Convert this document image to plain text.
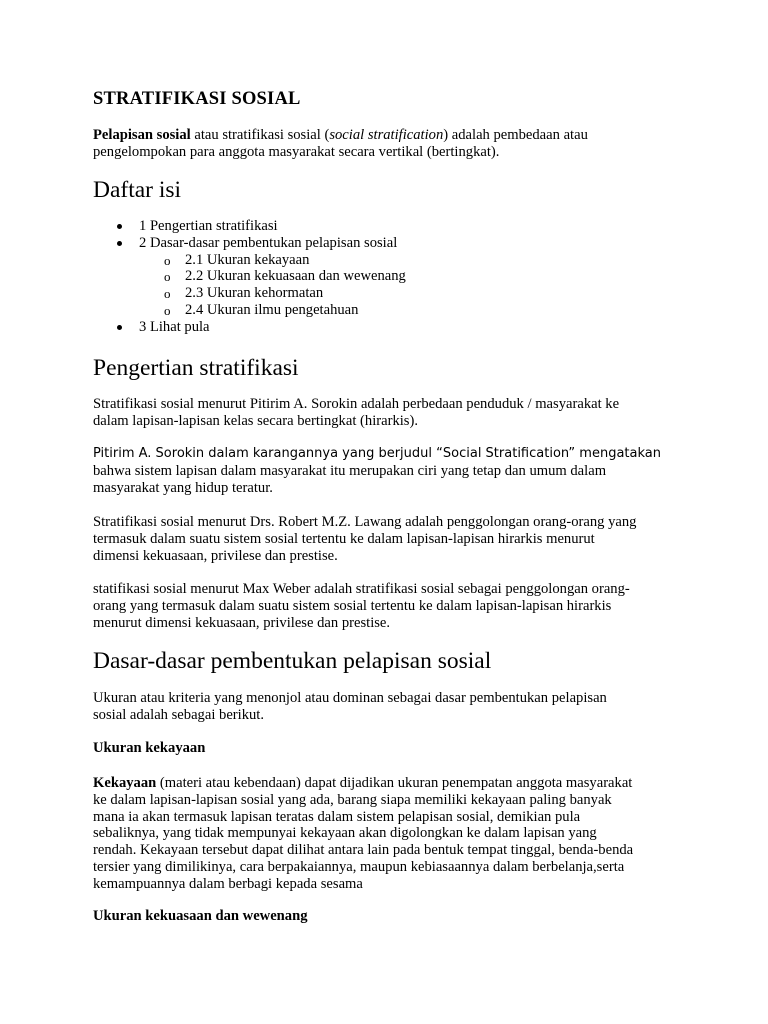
STRATIFIKASI SOSIAL

Pelapisan sosial atau stratifikasi sosial (social stratification) adalah pembedaan atau
pengelompokan para anggota masyarakat secara vertikal (bertingkat).

Daftar isi
1 Pengertian stratifikasi
2 Dasar-dasar pembentukan pelapisan sosial
o 2.1 Ukuran kekayaan
o 2.2 Ukuran kekuasaan dan wewenang
o 2.3 Ukuran kehormatan
o 2.4 Ukuran ilmu pengetahuan
3 Lihat pula
Pengertian stratifikasi

Stratifikasi sosial menurut Pitirim A. Sorokin adalah perbedaan penduduk / masyarakat ke
dalam lapisan-lapisan kelas secara bertingkat (hirarkis).

Pitirim A. Sorokin dalam karangannya yang berjudul “Social Stratification” mengatakan
bahwa sistem lapisan dalam masyarakat itu merupakan ciri yang tetap dan umum dalam
masyarakat yang hidup teratur.

Stratifikasi sosial menurut Drs. Robert M.Z. Lawang adalah penggolongan orang-orang yang
termasuk dalam suatu sistem sosial tertentu ke dalam lapisan-lapisan hirarkis menurut
dimensi kekuasaan, privilese dan prestise.

statifikasi sosial menurut Max Weber adalah stratifikasi sosial sebagai penggolongan orang-
orang yang termasuk dalam suatu sistem sosial tertentu ke dalam lapisan-lapisan hirarkis
menurut dimensi kekuasaan, privilese dan prestise.

Dasar-dasar pembentukan pelapisan sosial

Ukuran atau kriteria yang menonjol atau dominan sebagai dasar pembentukan pelapisan
sosial adalah sebagai berikut.

Ukuran kekayaan

Kekayaan (materi atau kebendaan) dapat dijadikan ukuran penempatan anggota masyarakat
ke dalam lapisan-lapisan sosial yang ada, barang siapa memiliki kekayaan paling banyak
mana ia akan termasuk lapisan teratas dalam sistem pelapisan sosial, demikian pula
sebaliknya, yang tidak mempunyai kekayaan akan digolongkan ke dalam lapisan yang
rendah. Kekayaan tersebut dapat dilihat antara lain pada bentuk tempat tinggal, benda-benda
tersier yang dimilikinya, cara berpakaiannya, maupun kebiasaannya dalam berbelanja,serta
kemampuannya dalam berbagi kepada sesama

Ukuran kekuasaan dan wewenang
